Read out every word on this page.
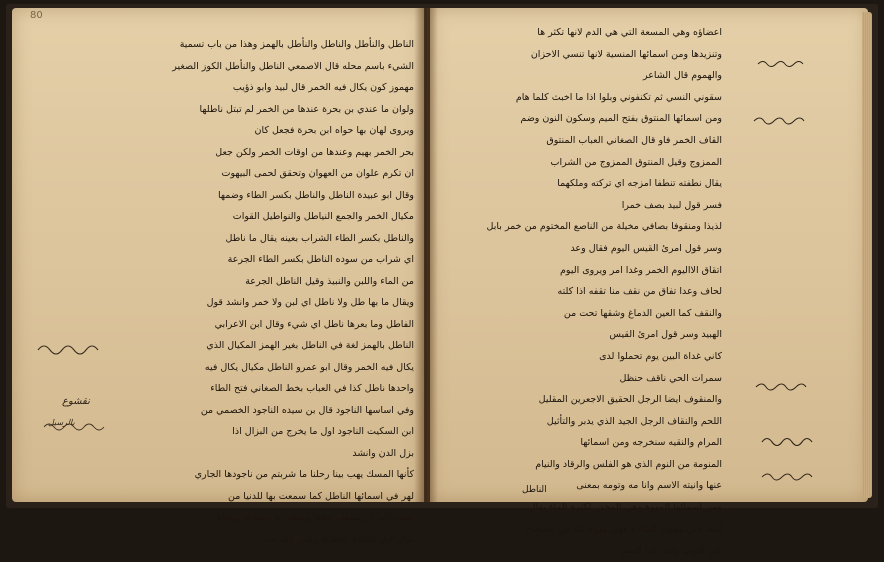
80
الناطل والنأطل والناطل والنأطل بالهمز وهذا من باب تسمية
الشيء باسم محله قال الاصمعي الناطل والنأطل الكوز الصغير
مهموز كون يكال فيه الخمر قال لبيد وابو ذؤيب
ولوان ما عندي بن بحرة عندها من الخمر لم تبتل ناطلها
ويروى لهان بها حواه ابن بحرة فجعل كان
بحر الخمر بهيم وعندها من اوقات الخمر ولكن جعل
ان تكرم علوان من العهوان وتحقق لحمى البيهوت
وقال ابو عبيدة الناطل والناطل بكسر الطاء وضمها
مكيال الخمر والجمع النياطل والنواطيل القوات
والناطل بكسر الطاء الشراب بعينه يقال ما ناطل
اي شراب من سوده الناطل بكسر الطاء الجرعة
من الماء واللبن والنبيذ وقيل الناطل الجرعة
ويقال ما بها طل ولا ناطل اي لبن ولا خمر وانشد قول
الفاطل وما بعرها ناطل اي شيء وقال ابن الاعرابي
الناطل بالهمز لغة في الناطل بغير الهمز المكيال الذي
يكال فيه الخمر وقال ابو عمرو الناطل مكيال يكال فيه
واحدها ناطل كذا في العباب بخط الصغاني فتح الطاء
وفي اساسها الناجود قال بن سيده الناجود الخصمي من
ابن السكيت الناجود اول ما يخرج من البزال اذا
بزل الدن وانشد
كأنها المسك يهب بينا رحلنا ما شربتم من ناجودها الجاري
لهر في اسمائها الناطل كما سمعت بها للدنيا من
نطف الما ان يتنطف نطفا وينطف تا وتنطافا ونطانا
سال قال النابغة الجعدي رضي الله عنه
نقشوع
بالرسيل
اعضاؤه وهي المسعة التي هي الدم لانها تكثر ها
وتنزيدها ومن اسمائها المنسية لانها تنسي الاحزان
والهموم قال الشاعر
سقوني النسي ثم تكنفوني وبلوا اذا ما اخبث كلما هام
ومن اسمائها المنتوق بفتح الميم وسكون النون وضم
القاف الخمر فاو قال الصغاني العباب المنتوق
الممزوج وقيل المنتوق الممزوج من الشراب
يقال نطفته تنطفا امزجه اي تركته وملكهما
فسر قول لبيد بصف خمرا
لذيذا ومنقوفا بصافي مخيلة من الناصع المختوم من خمر بابل
وسر قول امرئ القيس اليوم فقال وعد
اتقاق الااليوم الخمر وغدا امر ويروى اليوم
لحاف وعدا تفاق من نقف منا تقفه اذا كلته
والنقف كما العين الدماغ وشقها تحت من
الهبيد وسر قول امرئ القيس
كاني غداة البين يوم تحملوا لدى
سمرات الحي ناقف حنظل
والمنقوف ايضا الرجل الحقيق الاجعرين المقليل
اللحم والنقاف الرجل الجيد الذي يدبر والتأثيل
المرام والنقيه سنخرجه ومن اسمائها
المنومة من النوم الذي هو الفلس والرقاد والنيام
عنها وانيته الاسم وانا مه وتومه بمعنى
ومن اسمائها المهوة وهي المخدر لكثرة الماء يقال
اباها حتى مهوت الماء ة فهي مهوة كذا في الصحاح
باب الثوب وفيه باب الميم
الناطل
